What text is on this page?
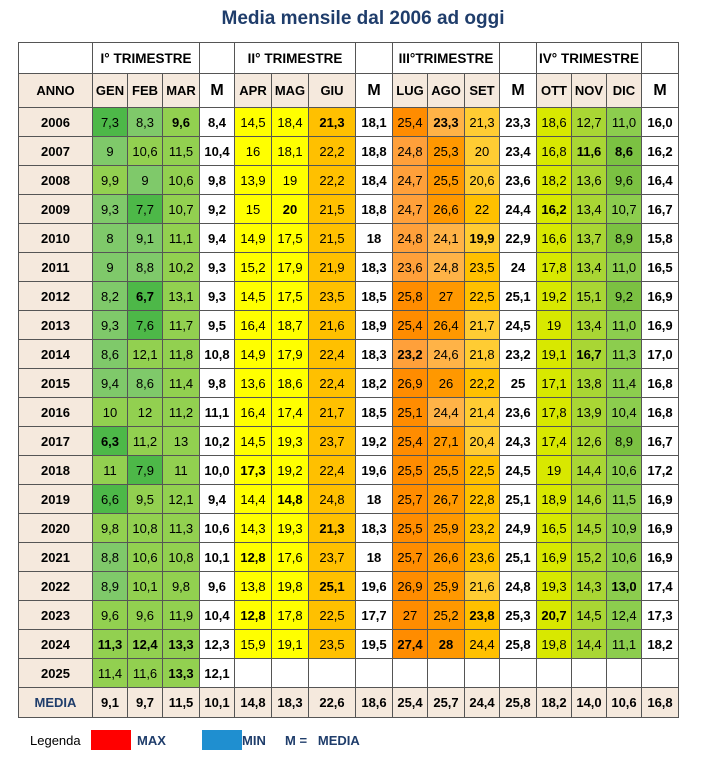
Media mensile dal 2006 ad oggi
	I° TRIMESTRE				II° TRIMESTRE				III°TRIMESTRE				IV° TRIMESTRE			
ANNO	GEN	FEB	MAR	M	APR	MAG	GIU	M	LUG	AGO	SET	M	OTT	NOV	DIC	M
2006	7,3	8,3	9,6	8,4	14,5	18,4	21,3	18,1	25,4	23,3	21,3	23,3	18,6	12,7	11,0	16,0
2007	9	10,6	11,5	10,4	16	18,1	22,2	18,8	24,8	25,3	20	23,4	16,8	11,6	8,6	16,2
2008	9,9	9	10,6	9,8	13,9	19	22,2	18,4	24,7	25,5	20,6	23,6	18,2	13,6	9,6	16,4
2009	9,3	7,7	10,7	9,2	15	20	21,5	18,8	24,7	26,6	22	24,4	16,2	13,4	10,7	16,7
2010	8	9,1	11,1	9,4	14,9	17,5	21,5	18	24,8	24,1	19,9	22,9	16,6	13,7	8,9	15,8
2011	9	8,8	10,2	9,3	15,2	17,9	21,9	18,3	23,6	24,8	23,5	24	17,8	13,4	11,0	16,5
2012	8,2	6,7	13,1	9,3	14,5	17,5	23,5	18,5	25,8	27	22,5	25,1	19,2	15,1	9,2	16,9
2013	9,3	7,6	11,7	9,5	16,4	18,7	21,6	18,9	25,4	26,4	21,7	24,5	19	13,4	11,0	16,9
2014	8,6	12,1	11,8	10,8	14,9	17,9	22,4	18,3	23,2	24,6	21,8	23,2	19,1	16,7	11,3	17,0
2015	9,4	8,6	11,4	9,8	13,6	18,6	22,4	18,2	26,9	26	22,2	25	17,1	13,8	11,4	16,8
2016	10	12	11,2	11,1	16,4	17,4	21,7	18,5	25,1	24,4	21,4	23,6	17,8	13,9	10,4	16,8
2017	6,3	11,2	13	10,2	14,5	19,3	23,7	19,2	25,4	27,1	20,4	24,3	17,4	12,6	8,9	16,7
2018	11	7,9	11	10,0	17,3	19,2	22,4	19,6	25,5	25,5	22,5	24,5	19	14,4	10,6	17,2
2019	6,6	9,5	12,1	9,4	14,4	14,8	24,8	18	25,7	26,7	22,8	25,1	18,9	14,6	11,5	16,9
2020	9,8	10,8	11,3	10,6	14,3	19,3	21,3	18,3	25,5	25,9	23,2	24,9	16,5	14,5	10,9	16,9
2021	8,8	10,6	10,8	10,1	12,8	17,6	23,7	18	25,7	26,6	23,6	25,1	16,9	15,2	10,6	16,9
2022	8,9	10,1	9,8	9,6	13,8	19,8	25,1	19,6	26,9	25,9	21,6	24,8	19,3	14,3	13,0	17,4
2023	9,6	9,6	11,9	10,4	12,8	17,8	22,5	17,7	27	25,2	23,8	25,3	20,7	14,5	12,4	17,3
2024	11,3	12,4	13,3	12,3	15,9	19,1	23,5	19,5	27,4	28	24,4	25,8	19,8	14,4	11,1	18,2
2025	11,4	11,6	13,3	12,1												
MEDIA	9,1	9,7	11,5	10,1	14,8	18,3	22,6	18,6	25,4	25,7	24,4	25,8	18,2	14,0	10,6	16,8
Legenda	MAX	MIN M =   MEDIA
